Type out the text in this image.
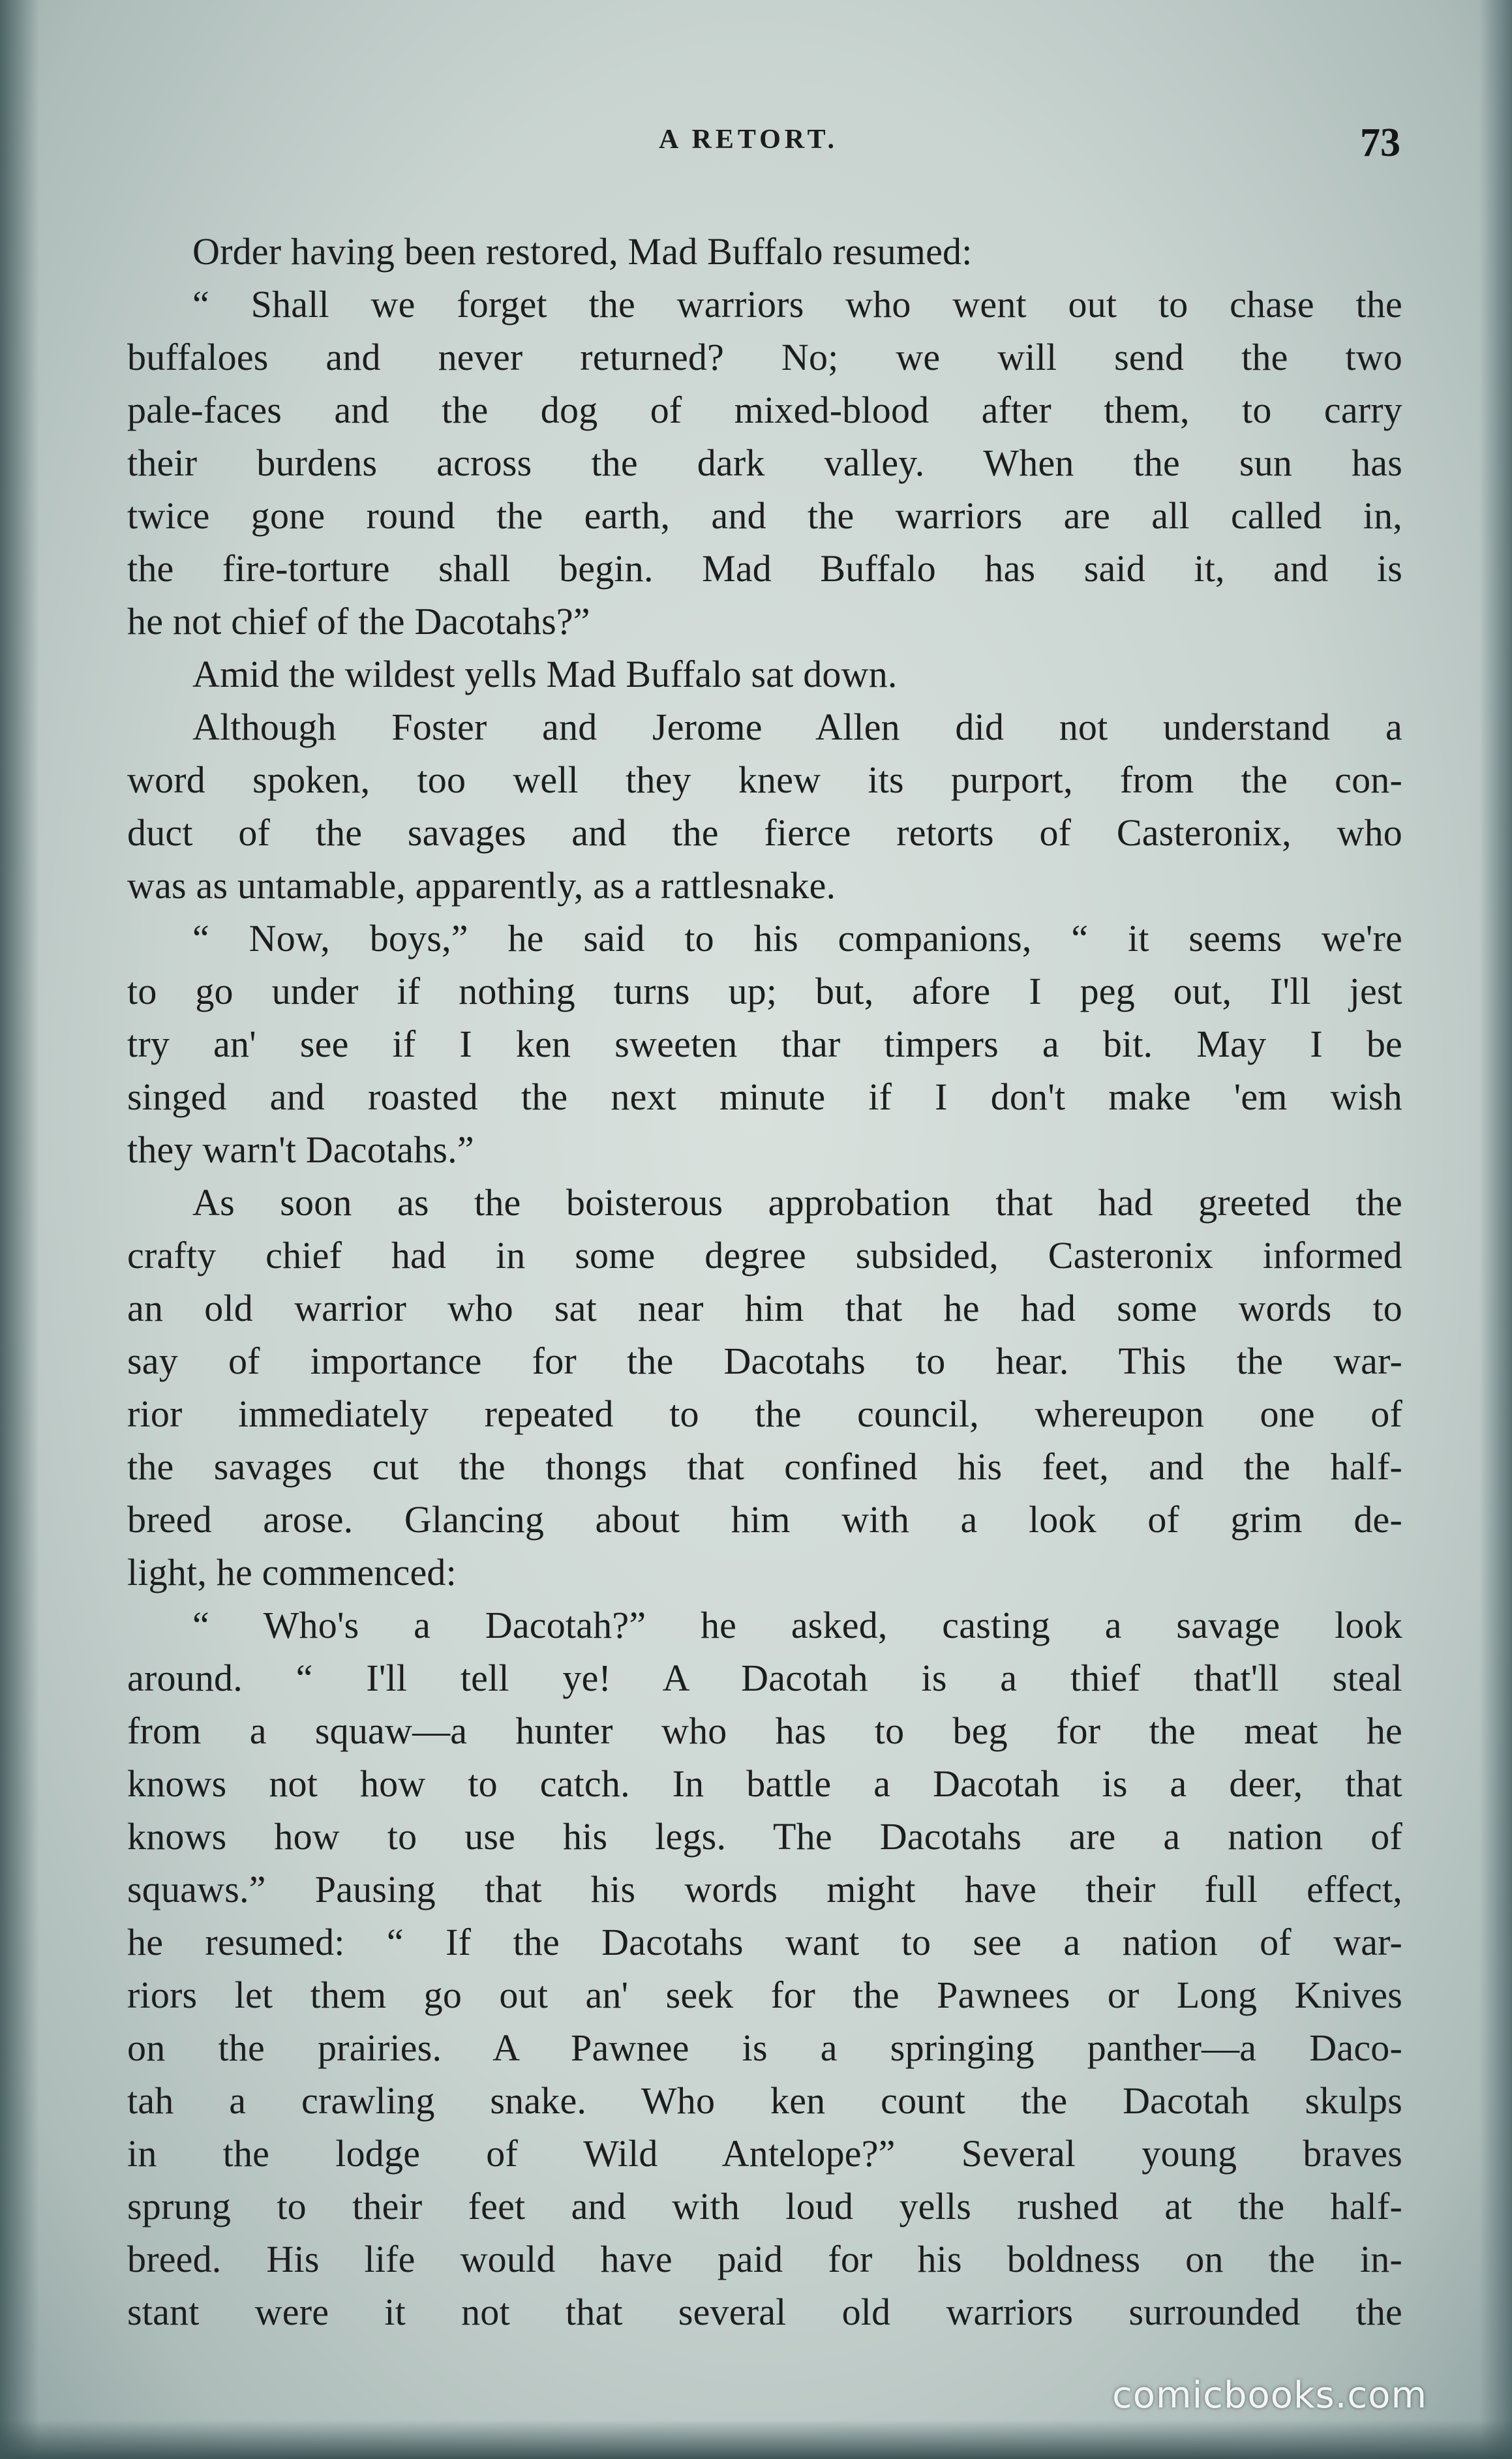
A RETORT.	73
Order having been restored, Mad Buffalo resumed:
“ Shall we forget the warriors who went out to chase the
buffaloes and never returned? No; we will send the two
pale-faces and the dog of mixed-blood after them, to carry
their burdens across the dark valley. When the sun has
twice gone round the earth, and the warriors are all called in,
the fire-torture shall begin. Mad Buffalo has said it, and is
he not chief of the Dacotahs?”
Amid the wildest yells Mad Buffalo sat down.
Although Foster and Jerome Allen did not understand a
word spoken, too well they knew its purport, from the con-
duct of the savages and the fierce retorts of Casteronix, who
was as untamable, apparently, as a rattlesnake.
“ Now, boys,” he said to his companions, “ it seems we're
to go under if nothing turns up; but, afore I peg out, I'll jest
try an' see if I ken sweeten thar timpers a bit. May I be
singed and roasted the next minute if I don't make 'em wish
they warn't Dacotahs.”
As soon as the boisterous approbation that had greeted the
crafty chief had in some degree subsided, Casteronix informed
an old warrior who sat near him that he had some words to
say of importance for the Dacotahs to hear. This the war-
rior immediately repeated to the council, whereupon one of
the savages cut the thongs that confined his feet, and the half-
breed arose. Glancing about him with a look of grim de-
light, he commenced:
“ Who's a Dacotah?” he asked, casting a savage look
around. “ I'll tell ye! A Dacotah is a thief that'll steal
from a squaw—a hunter who has to beg for the meat he
knows not how to catch. In battle a Dacotah is a deer, that
knows how to use his legs. The Dacotahs are a nation of
squaws.” Pausing that his words might have their full effect,
he resumed: “ If the Dacotahs want to see a nation of war-
riors let them go out an' seek for the Pawnees or Long Knives
on the prairies. A Pawnee is a springing panther—a Daco-
tah a crawling snake. Who ken count the Dacotah skulps
in the lodge of Wild Antelope?” Several young braves
sprung to their feet and with loud yells rushed at the half-
breed. His life would have paid for his boldness on the in-
stant were it not that several old warriors surrounded the
comicbooks.com
